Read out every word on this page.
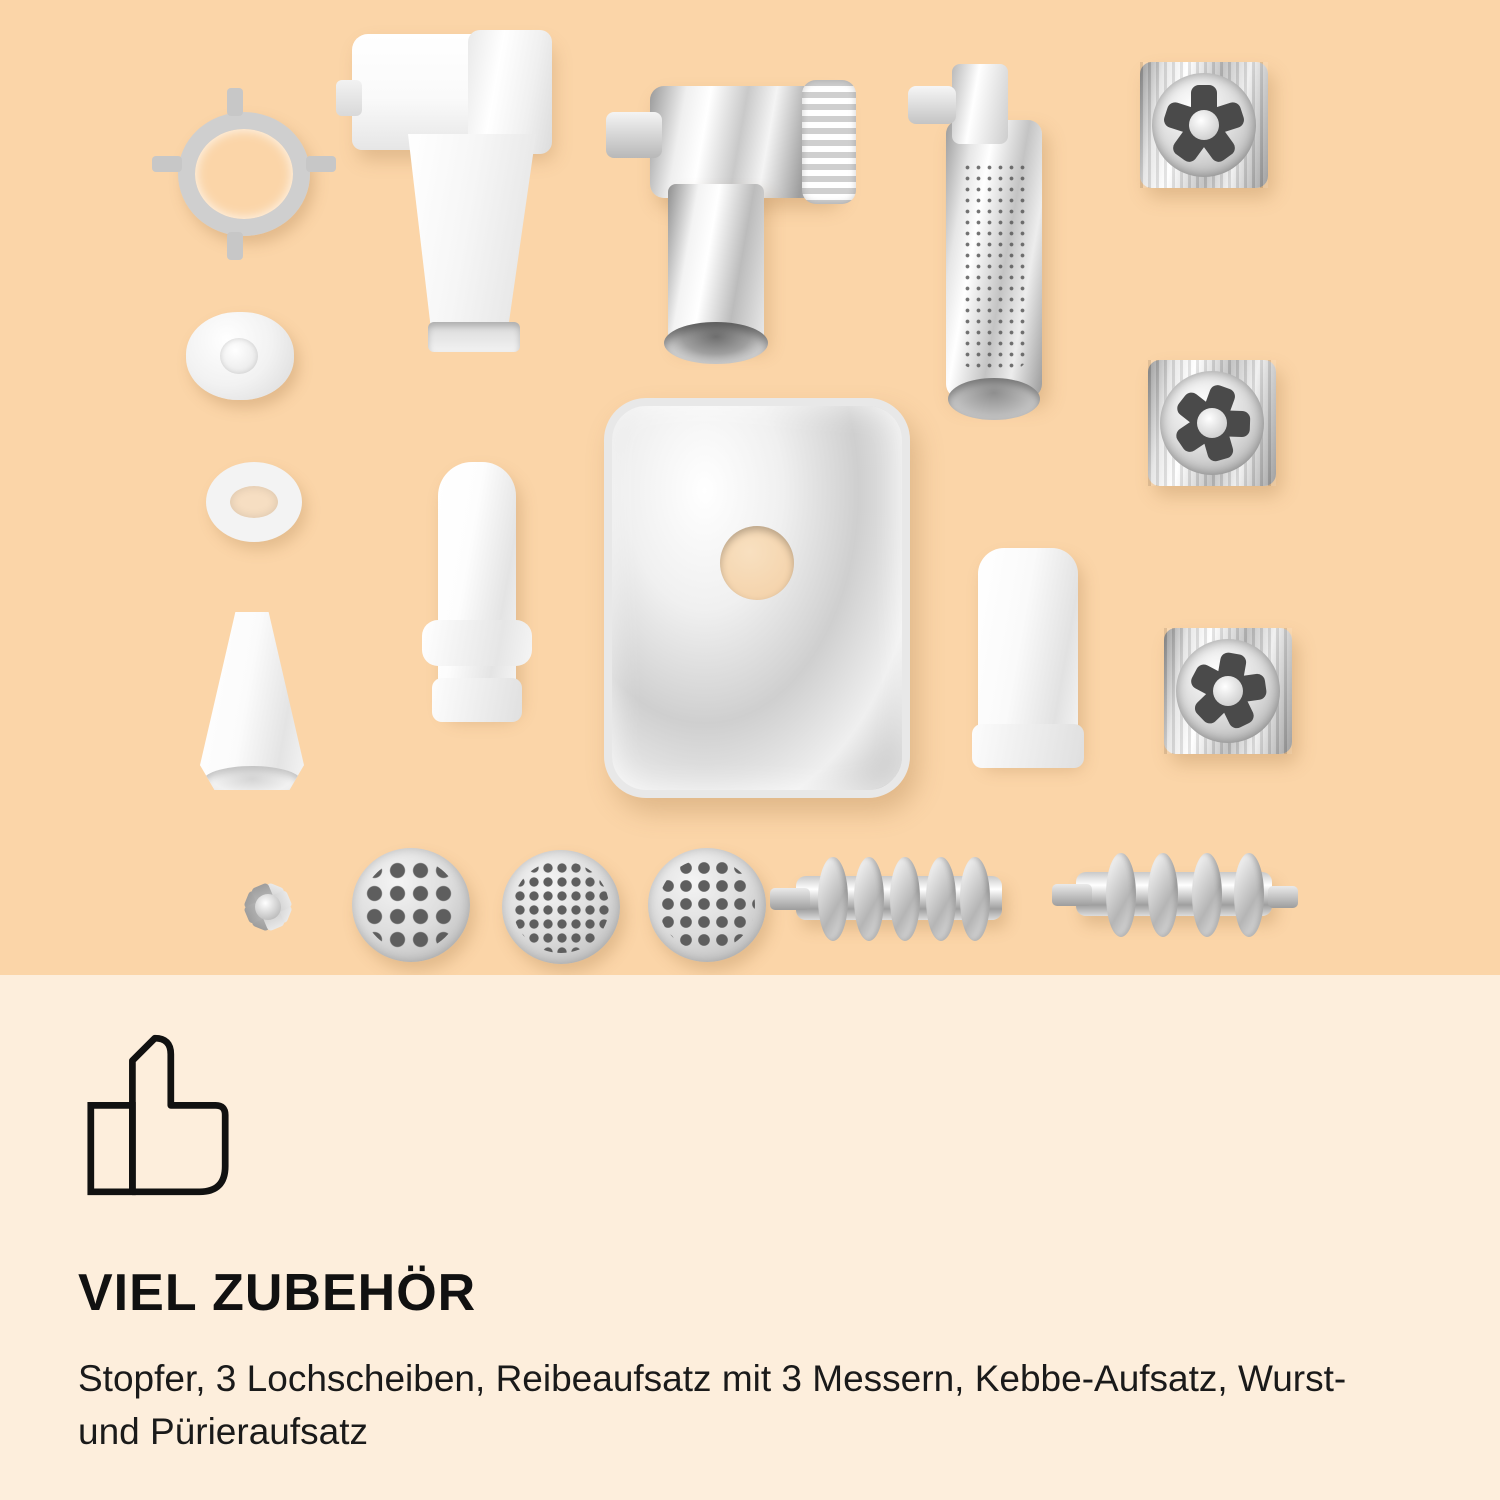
VIEL ZUBEHÖR

Stopfer, 3 Lochscheiben, Reibeaufsatz mit 3 Messern, Kebbe-Aufsatz, Wurst- und Pürieraufsatz
